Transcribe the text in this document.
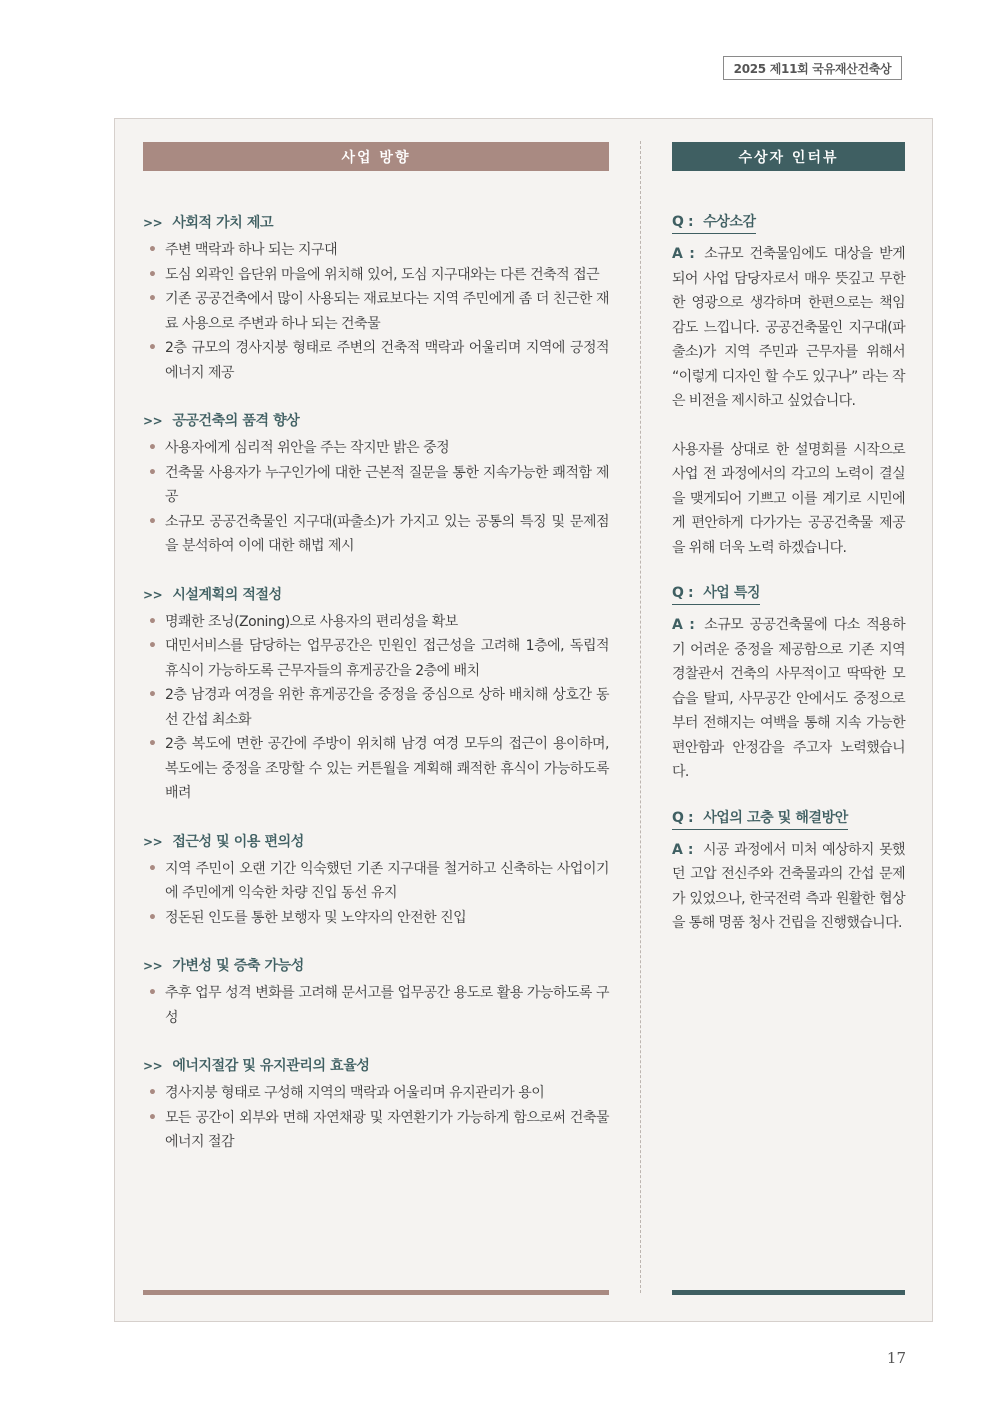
2025 제11회 국유재산건축상
사업 방향

>> 사회적 가치 제고

• 주변 맥락과 하나 되는 지구대
• 도심 외곽인 읍단위 마을에 위치해 있어, 도심 지구대와는 다른 건축적 접근
• 기존 공공건축에서 많이 사용되는 재료보다는 지역 주민에게 좀 더 친근한 재료 사용으로 주변과 하나 되는 건축물
• 2층 규모의 경사지붕 형태로 주변의 건축적 맥락과 어울리며 지역에 긍정적 에너지 제공

>> 공공건축의 품격 향상

• 사용자에게 심리적 위안을 주는 작지만 밝은 중정
• 건축물 사용자가 누구인가에 대한 근본적 질문을 통한 지속가능한 쾌적함 제공
• 소규모 공공건축물인 지구대(파출소)가 가지고 있는 공통의 특징 및 문제점을 분석하여 이에 대한 해법 제시

>> 시설계획의 적절성

• 명쾌한 조닝(Zoning)으로 사용자의 편리성을 확보
• 대민서비스를 담당하는 업무공간은 민원인 접근성을 고려해 1층에, 독립적 휴식이 가능하도록 근무자들의 휴게공간을 2층에 배치
• 2층 남경과 여경을 위한 휴게공간을 중정을 중심으로 상하 배치해 상호간 동선 간섭 최소화
• 2층 복도에 면한 공간에 주방이 위치해 남경 여경 모두의 접근이 용이하며, 복도에는 중정을 조망할 수 있는 커튼월을 계획해 쾌적한 휴식이 가능하도록 배려

>> 접근성 및 이용 편의성

• 지역 주민이 오랜 기간 익숙했던 기존 지구대를 철거하고 신축하는 사업이기에 주민에게 익숙한 차량 진입 동선 유지
• 정돈된 인도를 통한 보행자 및 노약자의 안전한 진입

>> 가변성 및 증축 가능성

• 추후 업무 성격 변화를 고려해 문서고를 업무공간 용도로 활용 가능하도록 구성

>> 에너지절감 및 유지관리의 효율성

• 경사지붕 형태로 구성해 지역의 맥락과 어울리며 유지관리가 용이
• 모든 공간이 외부와 면해 자연채광 및 자연환기가 가능하게 함으로써 건축물 에너지 절감
수상자 인터뷰

Q : 수상소감

A : 소규모 건축물임에도 대상을 받게 되어 사업 담당자로서 매우 뜻깊고 무한한 영광으로 생각하며 한편으로는 책임감도 느낍니다. 공공건축물인 지구대(파출소)가 지역 주민과 근무자를 위해서 “이렇게 디자인 할 수도 있구나” 라는 작은 비전을 제시하고 싶었습니다.

사용자를 상대로 한 설명회를 시작으로 사업 전 과정에서의 각고의 노력이 결실을 맺게되어 기쁘고 이를 계기로 시민에게 편안하게 다가가는 공공건축물 제공을 위해 더욱 노력 하겠습니다.

Q : 사업 특징

A : 소규모 공공건축물에 다소 적용하기 어려운 중정을 제공함으로 기존 지역경찰관서 건축의 사무적이고 딱딱한 모습을 탈피, 사무공간 안에서도 중정으로부터 전해지는 여백을 통해 지속 가능한 편안함과 안정감을 주고자 노력했습니다.

Q : 사업의 고충 및 해결방안

A : 시공 과정에서 미처 예상하지 못했던 고압 전신주와 건축물과의 간섭 문제가 있었으나, 한국전력 측과 원활한 협상을 통해 명품 청사 건립을 진행했습니다.

17
